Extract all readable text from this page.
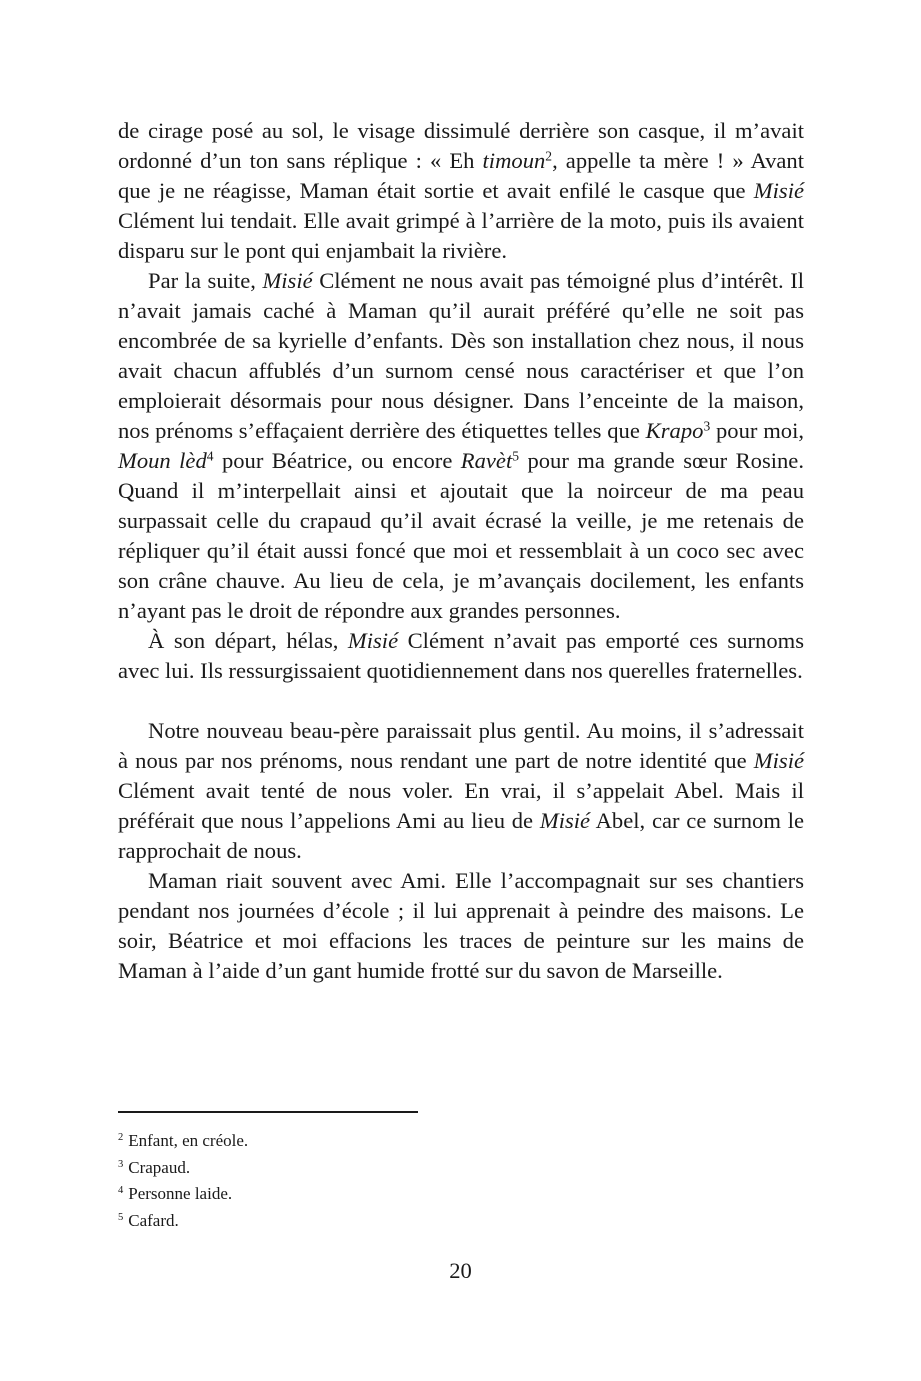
de cirage posé au sol, le visage dissimulé derrière son casque, il m’avait ordonné d’un ton sans réplique : « Eh timoun$^2$, appelle ta mère ! » Avant que je ne réagisse, Maman était sortie et avait enfilé le casque que Misié Clément lui tendait. Elle avait grimpé à l’arrière de la moto, puis ils avaient disparu sur le pont qui enjambait la rivière.

Par la suite, Misié Clément ne nous avait pas témoigné plus d’intérêt. Il n’avait jamais caché à Maman qu’il aurait préféré qu’elle ne soit pas encombrée de sa kyrielle d’enfants. Dès son installation chez nous, il nous avait chacun affublés d’un surnom censé nous caractériser et que l’on emploierait désormais pour nous désigner. Dans l’enceinte de la maison, nos prénoms s’effaçaient derrière des étiquettes telles que Krapo$^3$ pour moi, Moun lèd$^4$ pour Béatrice, ou encore Ravèt$^5$ pour ma grande sœur Rosine. Quand il m’interpellait ainsi et ajoutait que la noirceur de ma peau surpassait celle du crapaud qu’il avait écrasé la veille, je me retenais de répliquer qu’il était aussi foncé que moi et ressemblait à un coco sec avec son crâne chauve. Au lieu de cela, je m’avançais docilement, les enfants n’ayant pas le droit de répondre aux grandes personnes.

À son départ, hélas, Misié Clément n’avait pas emporté ces surnoms avec lui. Ils ressurgissaient quotidiennement dans nos querelles fraternelles.

Notre nouveau beau-père paraissait plus gentil. Au moins, il s’adressait à nous par nos prénoms, nous rendant une part de notre identité que Misié Clément avait tenté de nous voler. En vrai, il s’appelait Abel. Mais il préférait que nous l’appelions Ami au lieu de Misié Abel, car ce surnom le rapprochait de nous.

Maman riait souvent avec Ami. Elle l’accompagnait sur ses chantiers pendant nos journées d’école ; il lui apprenait à peindre des maisons. Le soir, Béatrice et moi effacions les traces de peinture sur les mains de Maman à l’aide d’un gant humide frotté sur du savon de Marseille.

$^2$ Enfant, en créole.

$^3$ Crapaud.

$^4$ Personne laide.

$^5$ Cafard.

20
